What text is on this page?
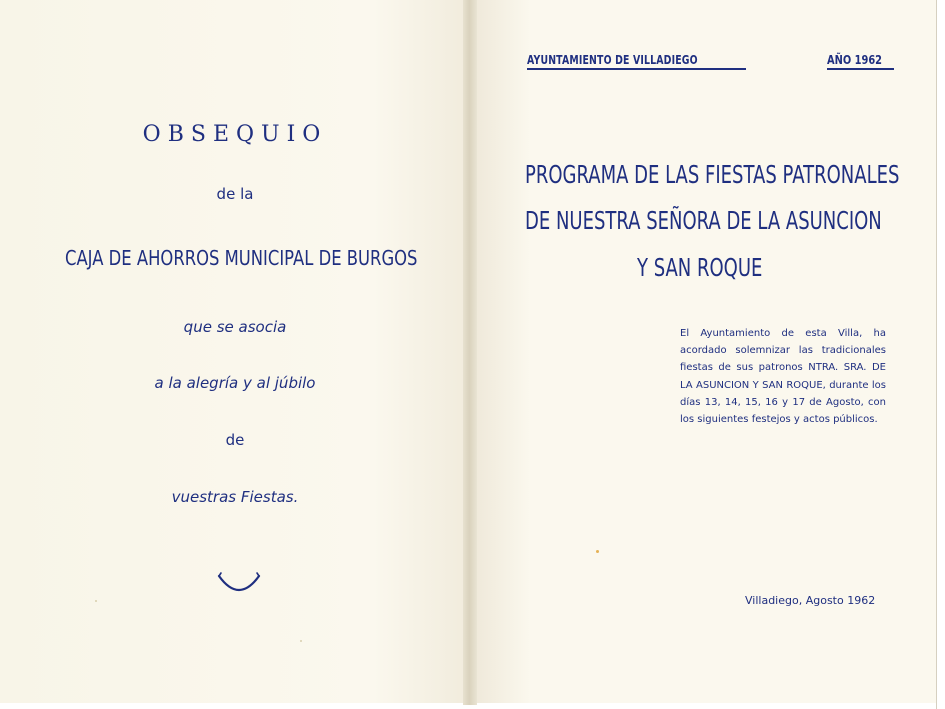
OBSEQUIO
de la
CAJA DE AHORROS MUNICIPAL DE BURGOS
que se asocia
a la alegría y al júbilo
de
vuestras Fiestas.
AYUNTAMIENTO DE VILLADIEGO	AÑO 1962
PROGRAMA DE LAS FIESTAS PATRONALES
DE NUESTRA SEÑORA DE LA ASUNCION
Y SAN ROQUE
El Ayuntamiento de esta Villa, ha acordado solemnizar las tradicionales fiestas de sus patronos NTRA. SRA. DE LA ASUNCION Y SAN ROQUE, durante los días 13, 14, 15, 16 y 17 de Agosto, con los siguientes festejos y actos públicos.
Villadiego, Agosto 1962
